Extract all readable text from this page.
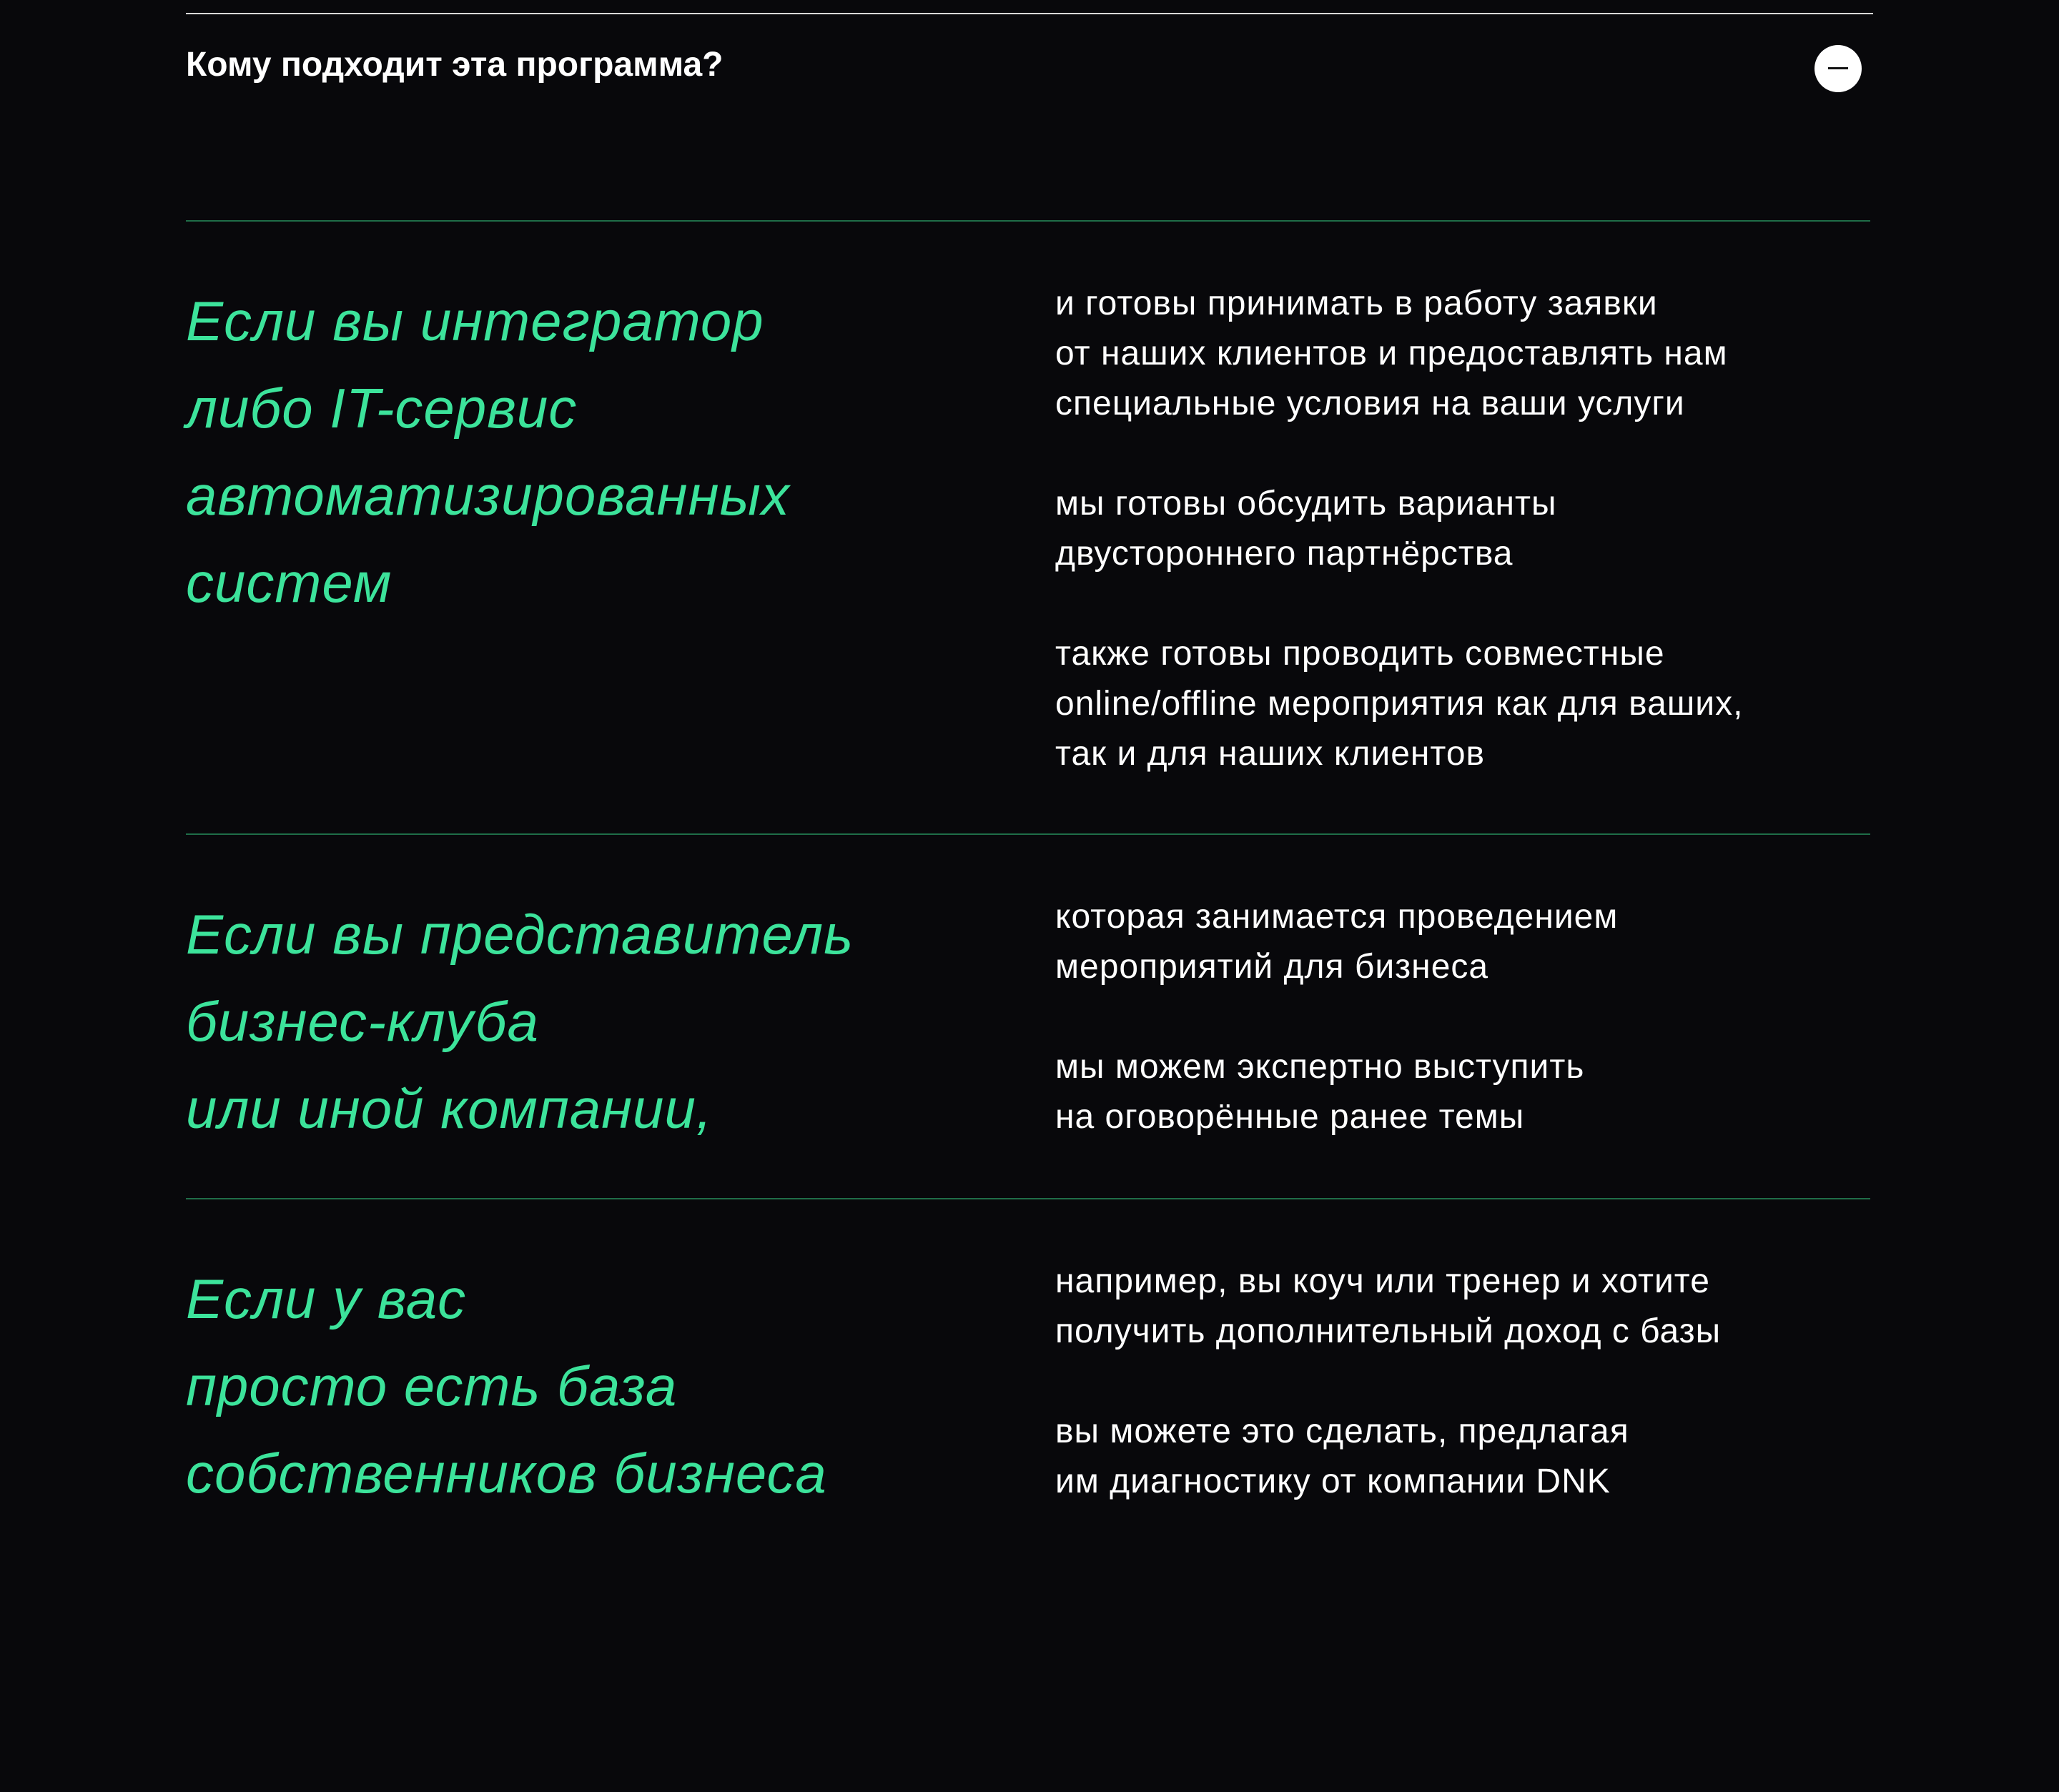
Кому подходит эта программа?
Если вы интегратор
либо IT-сервис
автоматизированных
систем

и готовы принимать в работу заявки
от наших клиентов и предоставлять нам
специальные условия на ваши услуги

мы готовы обсудить варианты
двустороннего партнёрства

также готовы проводить совместные
online/offline мероприятия как для ваших,
так и для наших клиентов

Если вы представитель
бизнес-клуба
или иной компании,

которая занимается проведением
мероприятий для бизнеса

мы можем экспертно выступить
на оговорённые ранее темы

Если у вас
просто есть база
собственников бизнеса

например, вы коуч или тренер и хотите
получить дополнительный доход с базы

вы можете это сделать, предлагая
им диагностику от компании DNK
